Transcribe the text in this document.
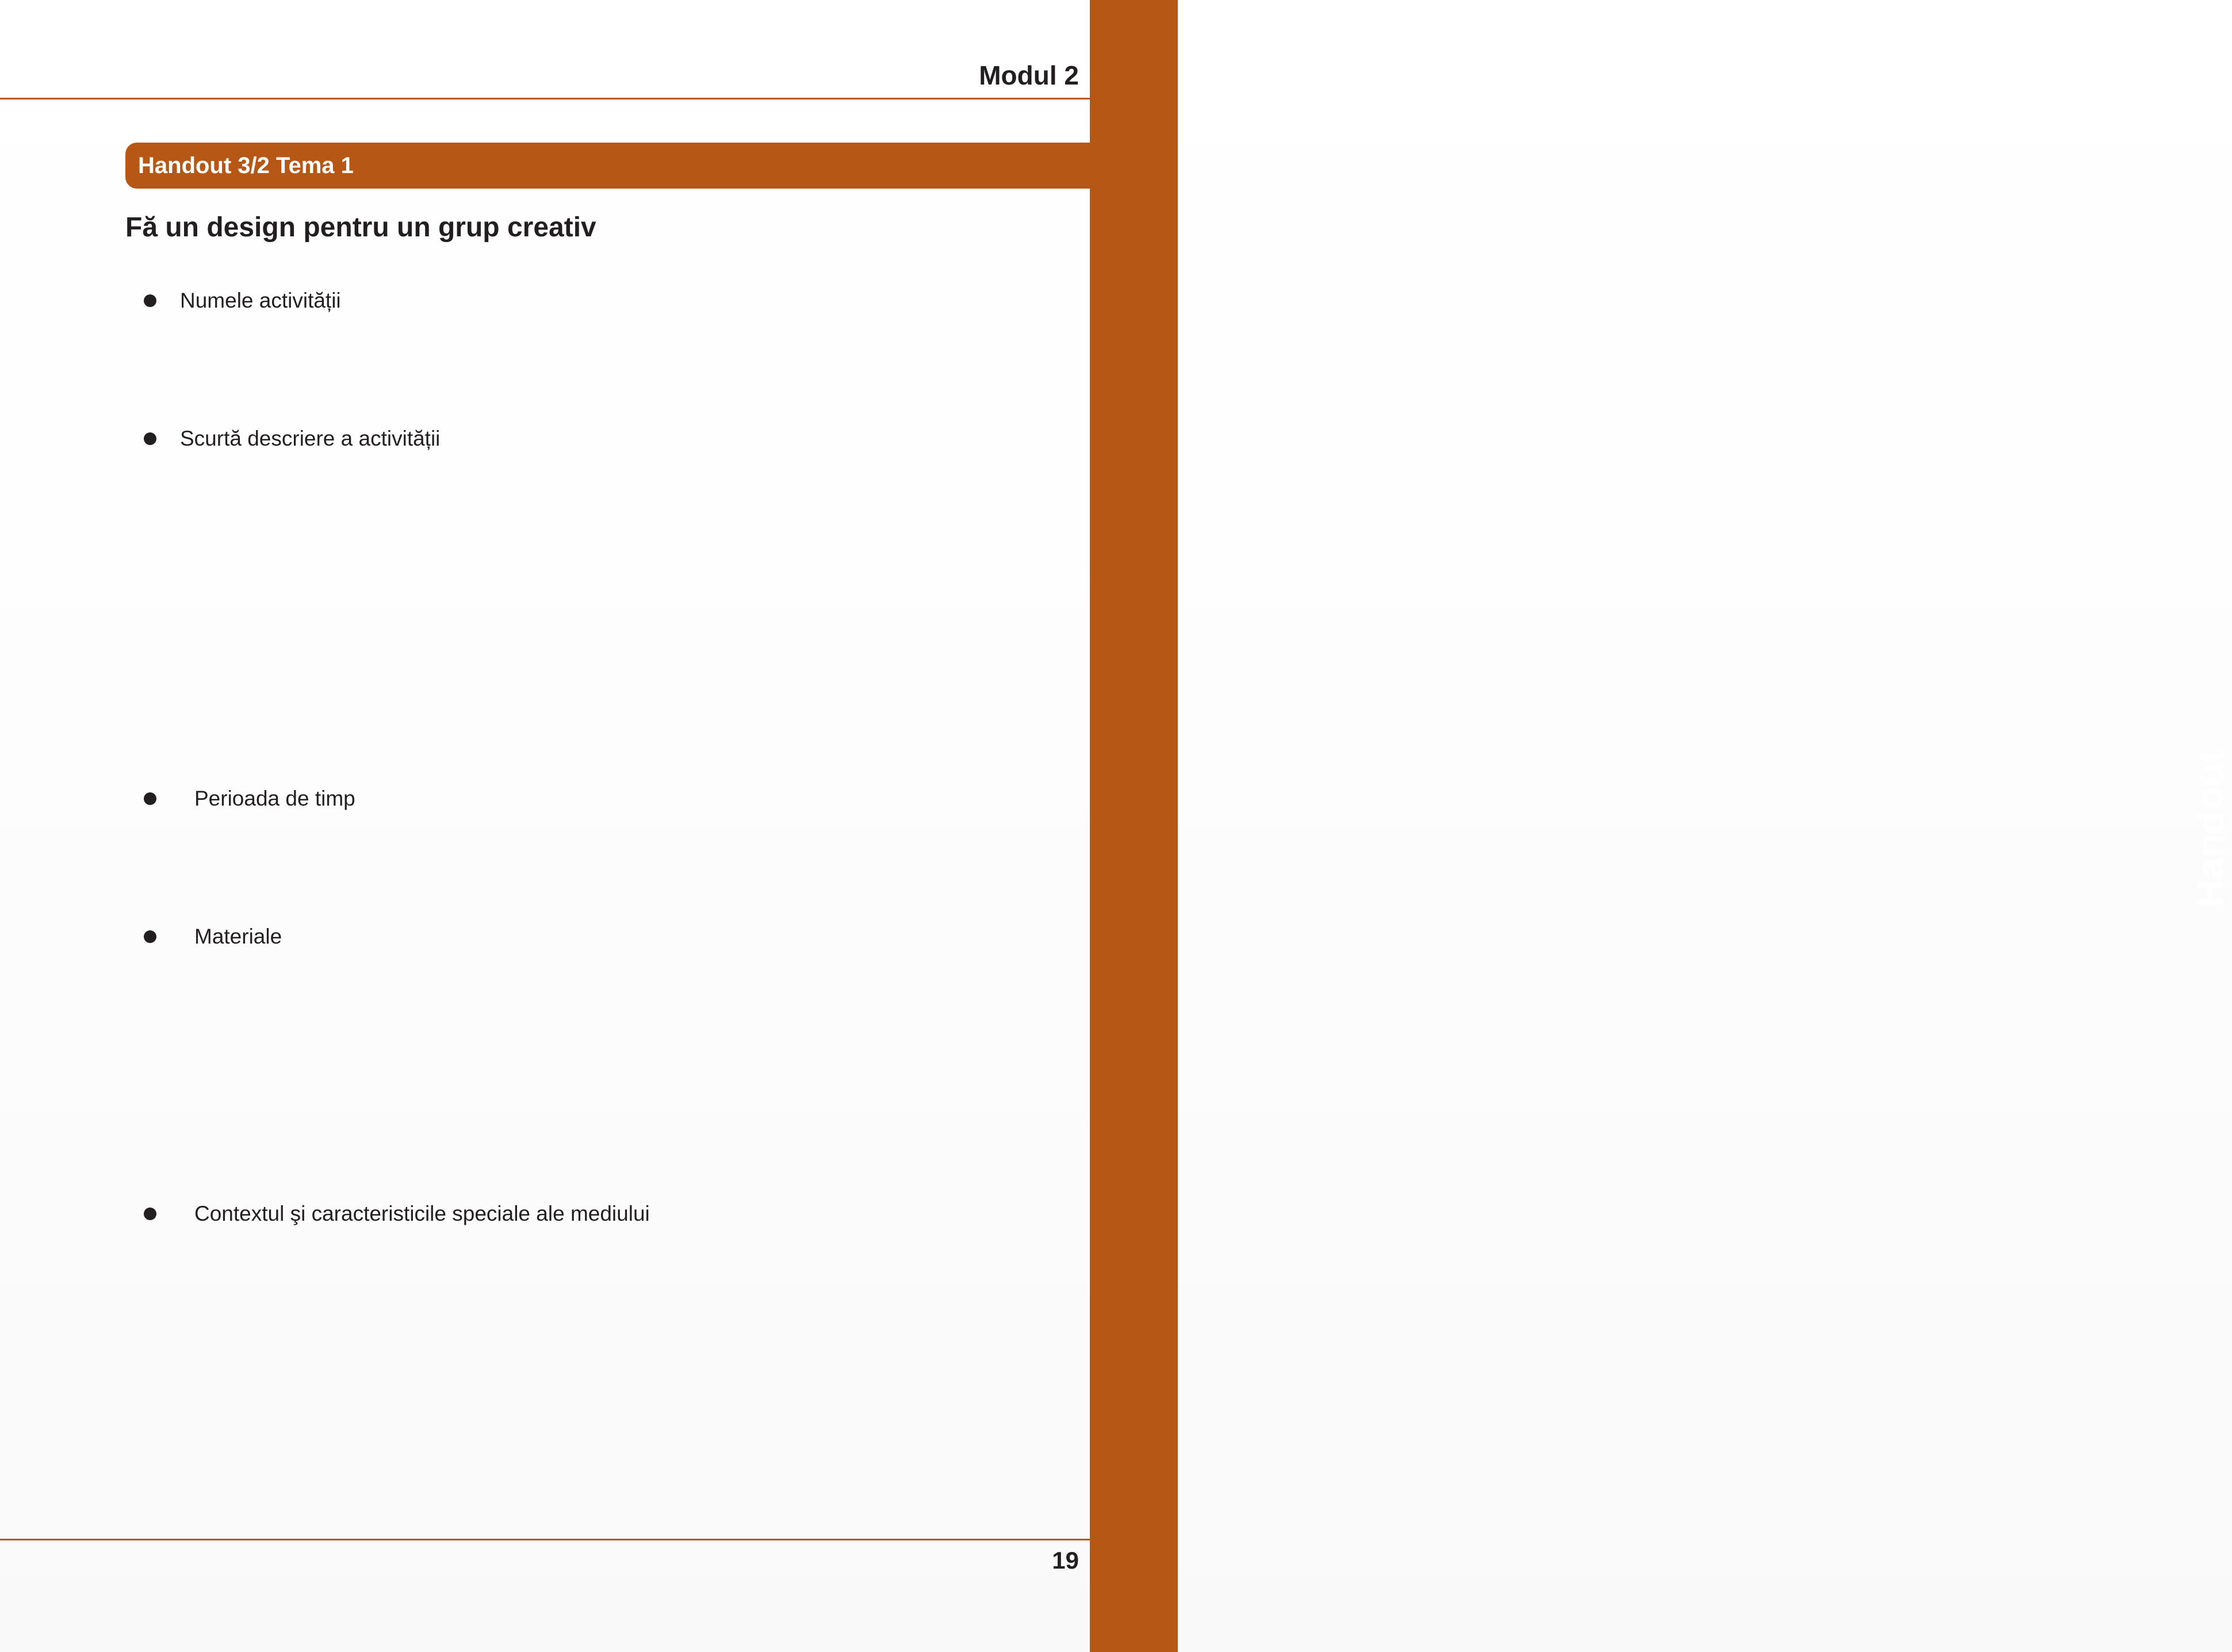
Handout
Modul 2
Handout 3/2 Tema 1
Fă un design pentru un grup creativ
Numele activității
Scurtă descriere a activității
Perioada de timp
Materiale
Contextul şi caracteristicile speciale ale mediului
19
